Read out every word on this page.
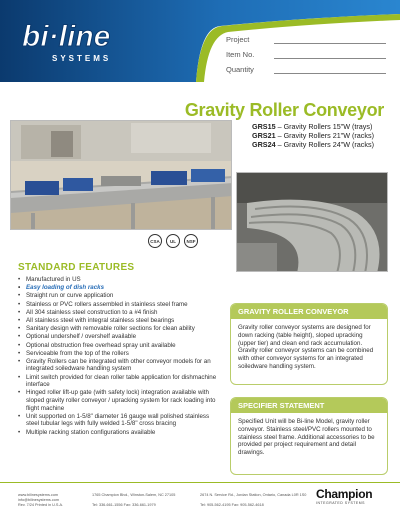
bi·line
SYSTEMS
Project
Item No.
Quantity
Gravity Roller Conveyor
GRS15 – Gravity Rollers 15"W (trays)
GRS21 – Gravity Rollers 21"W (racks)
GRS24 – Gravity Rollers 24"W (racks)
CSA	UL	NSF
STANDARD FEATURES
• Manufactured in US
• Easy loading of dish racks
• Straight run or curve application
• Stainless or PVC rollers assembled in stainless steel frame
• All 304 stainless steel construction to a #4 finish
• All stainless steel with integral stainless steel bearings
• Sanitary design with removable roller sections for clean ability
• Optional undershelf / overshelf available
• Optional obstruction free overhead spray unit available
• Serviceable from the top of the rollers
• Gravity Rollers can be integrated with other conveyor models for an integrated soiledware handling system
• Limit switch provided for clean roller table application for dishmachine interface
• Hinged roller lift-up gate (with safety lock) integration available with sloped gravity roller conveyor / upracking system for rack loading into flight machine
• Unit supported on 1-5/8" diameter 16 gauge wall polished stainless steel tubular legs with fully welded 1-5/8" cross bracing
• Multiple racking station configurations available
GRAVITY ROLLER CONVEYOR
Gravity roller conveyor systems are designed for down racking (table height), sloped upracking (upper tier) and clean end rack accumulation. Gravity roller conveyor systems can be combined with other conveyor systems for an integrated soiledware handling system.
SPECIFIER STATEMENT
Specified Unit will be Bi-line Model, gravity roller conveyor. Stainless steel/PVC rollers mounted to stainless steel frame. Additional accessories to be provided per project requirement and detail drawings.
www.bilinesystems.com
info@bilinesystems.com
Rev. 7/24 Printed in U.S.A.
1765 Champion Blvd., Winston-Salem, NC 27105

Tel: 336-661-1556 Fax: 336-661-1979
2674 N. Service Rd., Jordan Station, Ontario, Canada L0R 1S0

Tel: 905-562-4195 Fax: 905-562-4618
Champion
INTEGRATED SYSTEMS
